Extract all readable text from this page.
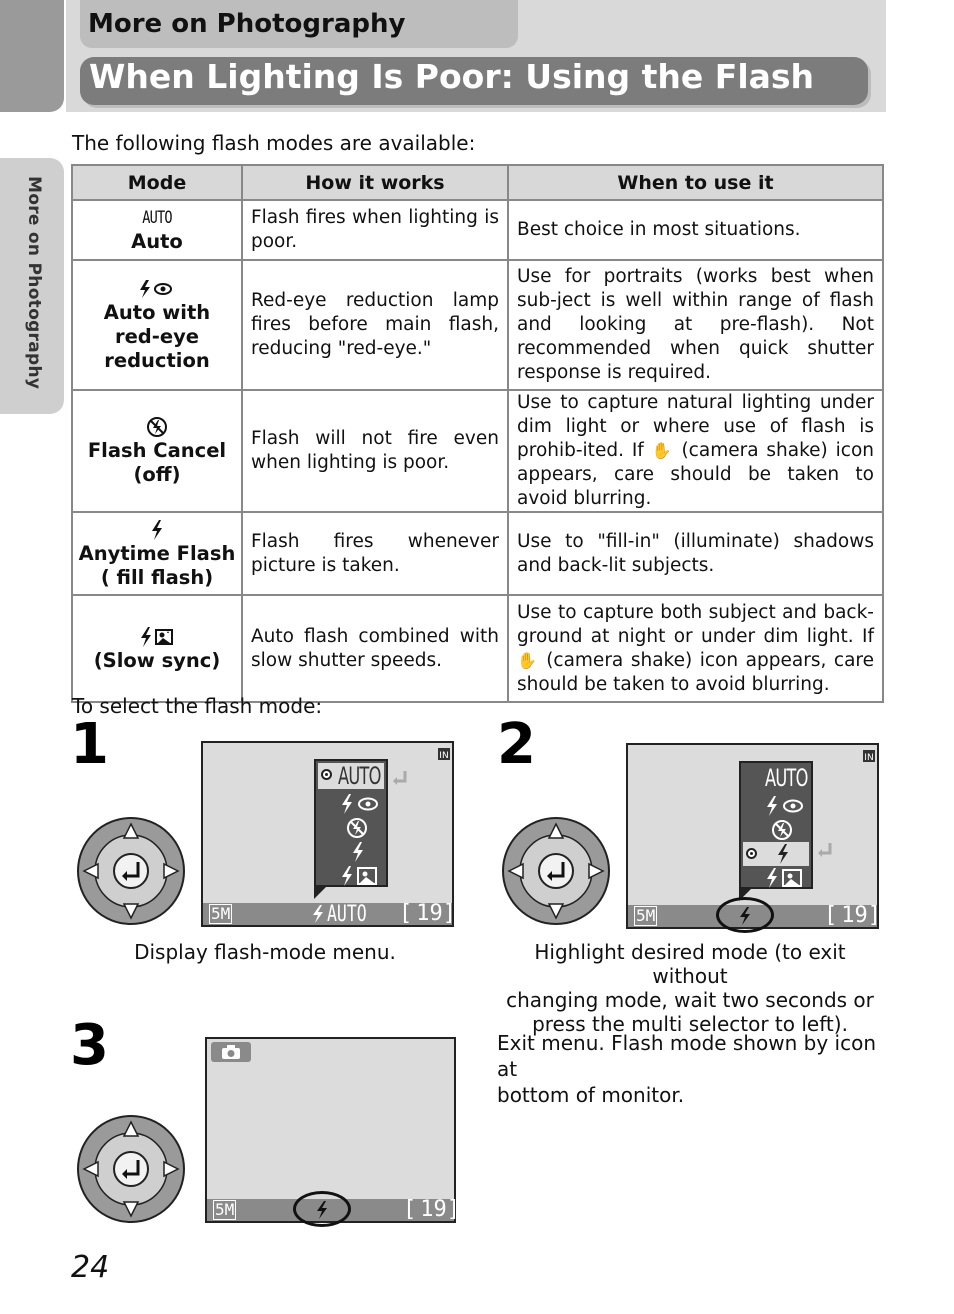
More on Photography
More on Photography
When Lighting Is Poor: Using the Flash
The following flash modes are available:
Mode	How it works	When to use it

AUTO
Auto	Flash fires when lighting is poor.	Best choice in most situations.

Auto with
red-eye
reduction	Red-eye reduction lamp fires before main flash, reducing "red-eye."	Use for portraits (works best when sub-ject is well within range of flash and looking at pre-flash). Not recommended when quick shutter response is required.

Flash Cancel
(off)	Flash will not fire even when lighting is poor.	Use to capture natural lighting under dim light or where use of flash is prohib-ited. If ✋ (camera shake) icon appears, care should be taken to avoid blurring.

Anytime Flash
( fill flash)	Flash fires whenever picture is taken.	Use to "fill-in" (illuminate) shadows and back-lit subjects.

(Slow sync)	Auto flash combined with slow shutter speeds.	Use to capture both subject and back-ground at night or under dim light. If ✋ (camera shake) icon appears, care should be taken to avoid blurring.
To select the flash mode:
1	AUTO
IN
5M	AUTO [ 19]
Display flash-mode menu.
2
AUTO
IN
5M	[ 19]
Highlight desired mode (to exit without
changing mode, wait two seconds or
press the multi selector to left).
3
5M	[ 19]
Exit menu. Flash mode shown by icon at
bottom of monitor.
24
